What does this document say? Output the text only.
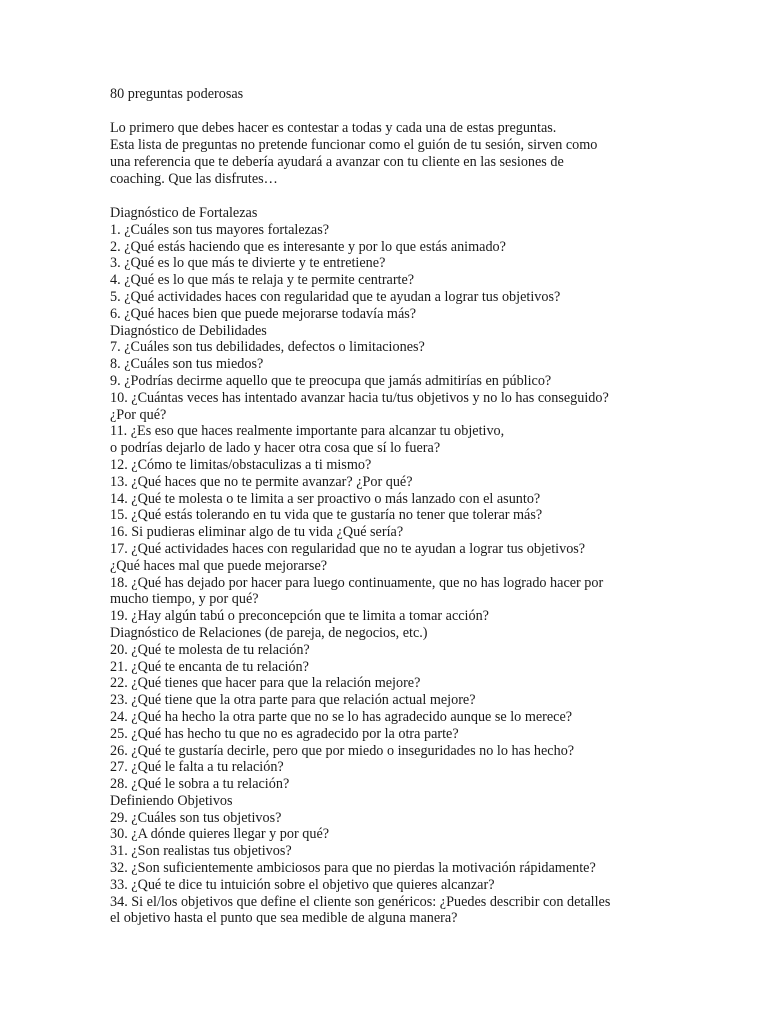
80 preguntas poderosas

Lo primero que debes hacer es contestar a todas y cada una de estas preguntas.

Esta lista de preguntas no pretende funcionar como el guión de tu sesión, sirven como

una referencia que te debería ayudará a avanzar con tu cliente en las sesiones de

coaching. Que las disfrutes…

Diagnóstico de Fortalezas
1. ¿Cuáles son tus mayores fortalezas?
2. ¿Qué estás haciendo que es interesante y por lo que estás animado?
3. ¿Qué es lo que más te divierte y te entretiene?
4. ¿Qué es lo que más te relaja y te permite centrarte?
5. ¿Qué actividades haces con regularidad que te ayudan a lograr tus objetivos?
6. ¿Qué haces bien que puede mejorarse todavía más?
Diagnóstico de Debilidades
7. ¿Cuáles son tus debilidades, defectos o limitaciones?
8. ¿Cuáles son tus miedos?
9. ¿Podrías decirme aquello que te preocupa que jamás admitirías en público?
10. ¿Cuántas veces has intentado avanzar hacia tu/tus objetivos y no lo has conseguido?
¿Por qué?
11. ¿Es eso que haces realmente importante para alcanzar tu objetivo,
o podrías dejarlo de lado y hacer otra cosa que sí lo fuera?
12. ¿Cómo te limitas/obstaculizas a ti mismo?
13. ¿Qué haces que no te permite avanzar? ¿Por qué?
14. ¿Qué te molesta o te limita a ser proactivo o más lanzado con el asunto?
15. ¿Qué estás tolerando en tu vida que te gustaría no tener que tolerar más?
16. Si pudieras eliminar algo de tu vida ¿Qué sería?
17. ¿Qué actividades haces con regularidad que no te ayudan a lograr tus objetivos?
¿Qué haces mal que puede mejorarse?
18. ¿Qué has dejado por hacer para luego continuamente, que no has logrado hacer por
mucho tiempo, y por qué?
19. ¿Hay algún tabú o preconcepción que te limita a tomar acción?
Diagnóstico de Relaciones (de pareja, de negocios, etc.)
20. ¿Qué te molesta de tu relación?
21. ¿Qué te encanta de tu relación?
22. ¿Qué tienes que hacer para que la relación mejore?
23. ¿Qué tiene que la otra parte para que relación actual mejore?
24. ¿Qué ha hecho la otra parte que no se lo has agradecido aunque se lo merece?
25. ¿Qué has hecho tu que no es agradecido por la otra parte?
26. ¿Qué te gustaría decirle, pero que por miedo o inseguridades no lo has hecho?
27. ¿Qué le falta a tu relación?
28. ¿Qué le sobra a tu relación?
Definiendo Objetivos
29. ¿Cuáles son tus objetivos?
30. ¿A dónde quieres llegar y por qué?
31. ¿Son realistas tus objetivos?
32. ¿Son suficientemente ambiciosos para que no pierdas la motivación rápidamente?
33. ¿Qué te dice tu intuición sobre el objetivo que quieres alcanzar?
34. Si el/los objetivos que define el cliente son genéricos: ¿Puedes describir con detalles
el objetivo hasta el punto que sea medible de alguna manera?
